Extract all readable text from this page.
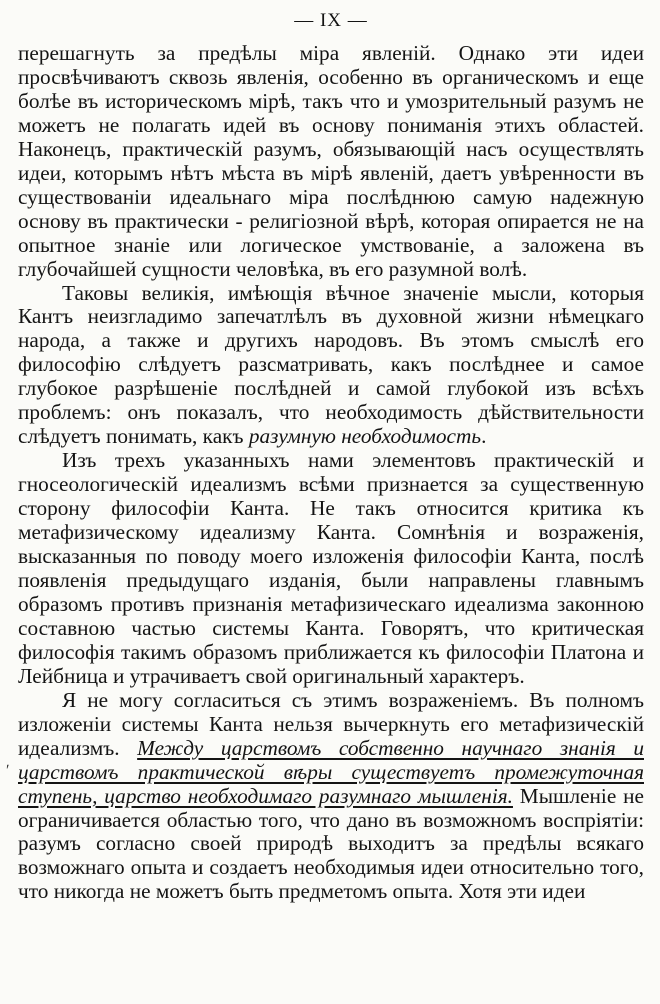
— IX —

перешагнуть за предѣлы міра явленій. Однако эти идеи просвѣчиваютъ сквозь явленія, особенно въ органическомъ и еще болѣе въ историческомъ мірѣ, такъ что и умозрительный разумъ не можетъ не полагать идей въ основу пониманія этихъ областей. Наконецъ, практическій разумъ, обязывающій насъ осуществлять идеи, которымъ нѣтъ мѣста въ мірѣ явленій, даетъ увѣренности въ существованіи идеальнаго міра послѣднюю самую надежную основу въ практически - религіозной вѣрѣ, которая опирается не на опытное знаніе или логическое умствованіе, а заложена въ глубочайшей сущности человѣка, въ его разумной волѣ.

Таковы великія, имѣющія вѣчное значеніе мысли, которыя Кантъ неизгладимо запечатлѣлъ въ духовной жизни нѣмецкаго народа, а также и другихъ народовъ. Въ этомъ смыслѣ его философію слѣдуетъ разсматривать, какъ послѣднее и самое глубокое разрѣшеніе послѣдней и самой глубокой изъ всѣхъ проблемъ: онъ показалъ, что необходимость дѣйствительности слѣдуетъ понимать, какъ разумную необходимость.

Изъ трехъ указанныхъ нами элементовъ практическій и гносеологическій идеализмъ всѣми признается за существенную сторону философіи Канта. Не такъ относится критика къ метафизическому идеализму Канта. Сомнѣнія и возраженія, высказанныя по поводу моего изложенія философіи Канта, послѣ появленія предыдущаго изданія, были направлены главнымъ образомъ противъ признанія метафизическаго идеализма законною составною частью системы Канта. Говорятъ, что критическая философія такимъ образомъ приближается къ философіи Платона и Лейбница и утрачиваетъ свой оригинальный характеръ.

Я не могу согласиться съ этимъ возраженіемъ. Въ полномъ изложеніи системы Канта нельзя вычеркнуть его метафизическій идеализмъ. Между царствомъ собственно научнаго знанія и царствомъ практической вѣры существуетъ промежуточная ступень, царство необходимаго разумнаго мышленія. Мышленіе не ограничивается областью того, что дано въ возможномъ воспріятіи: разумъ согласно своей природѣ выходитъ за предѣлы всякаго возможнаго опыта и создаетъ необходимыя идеи относительно того, что никогда не можетъ быть предметомъ опыта. Хотя эти идеи

ʹ
